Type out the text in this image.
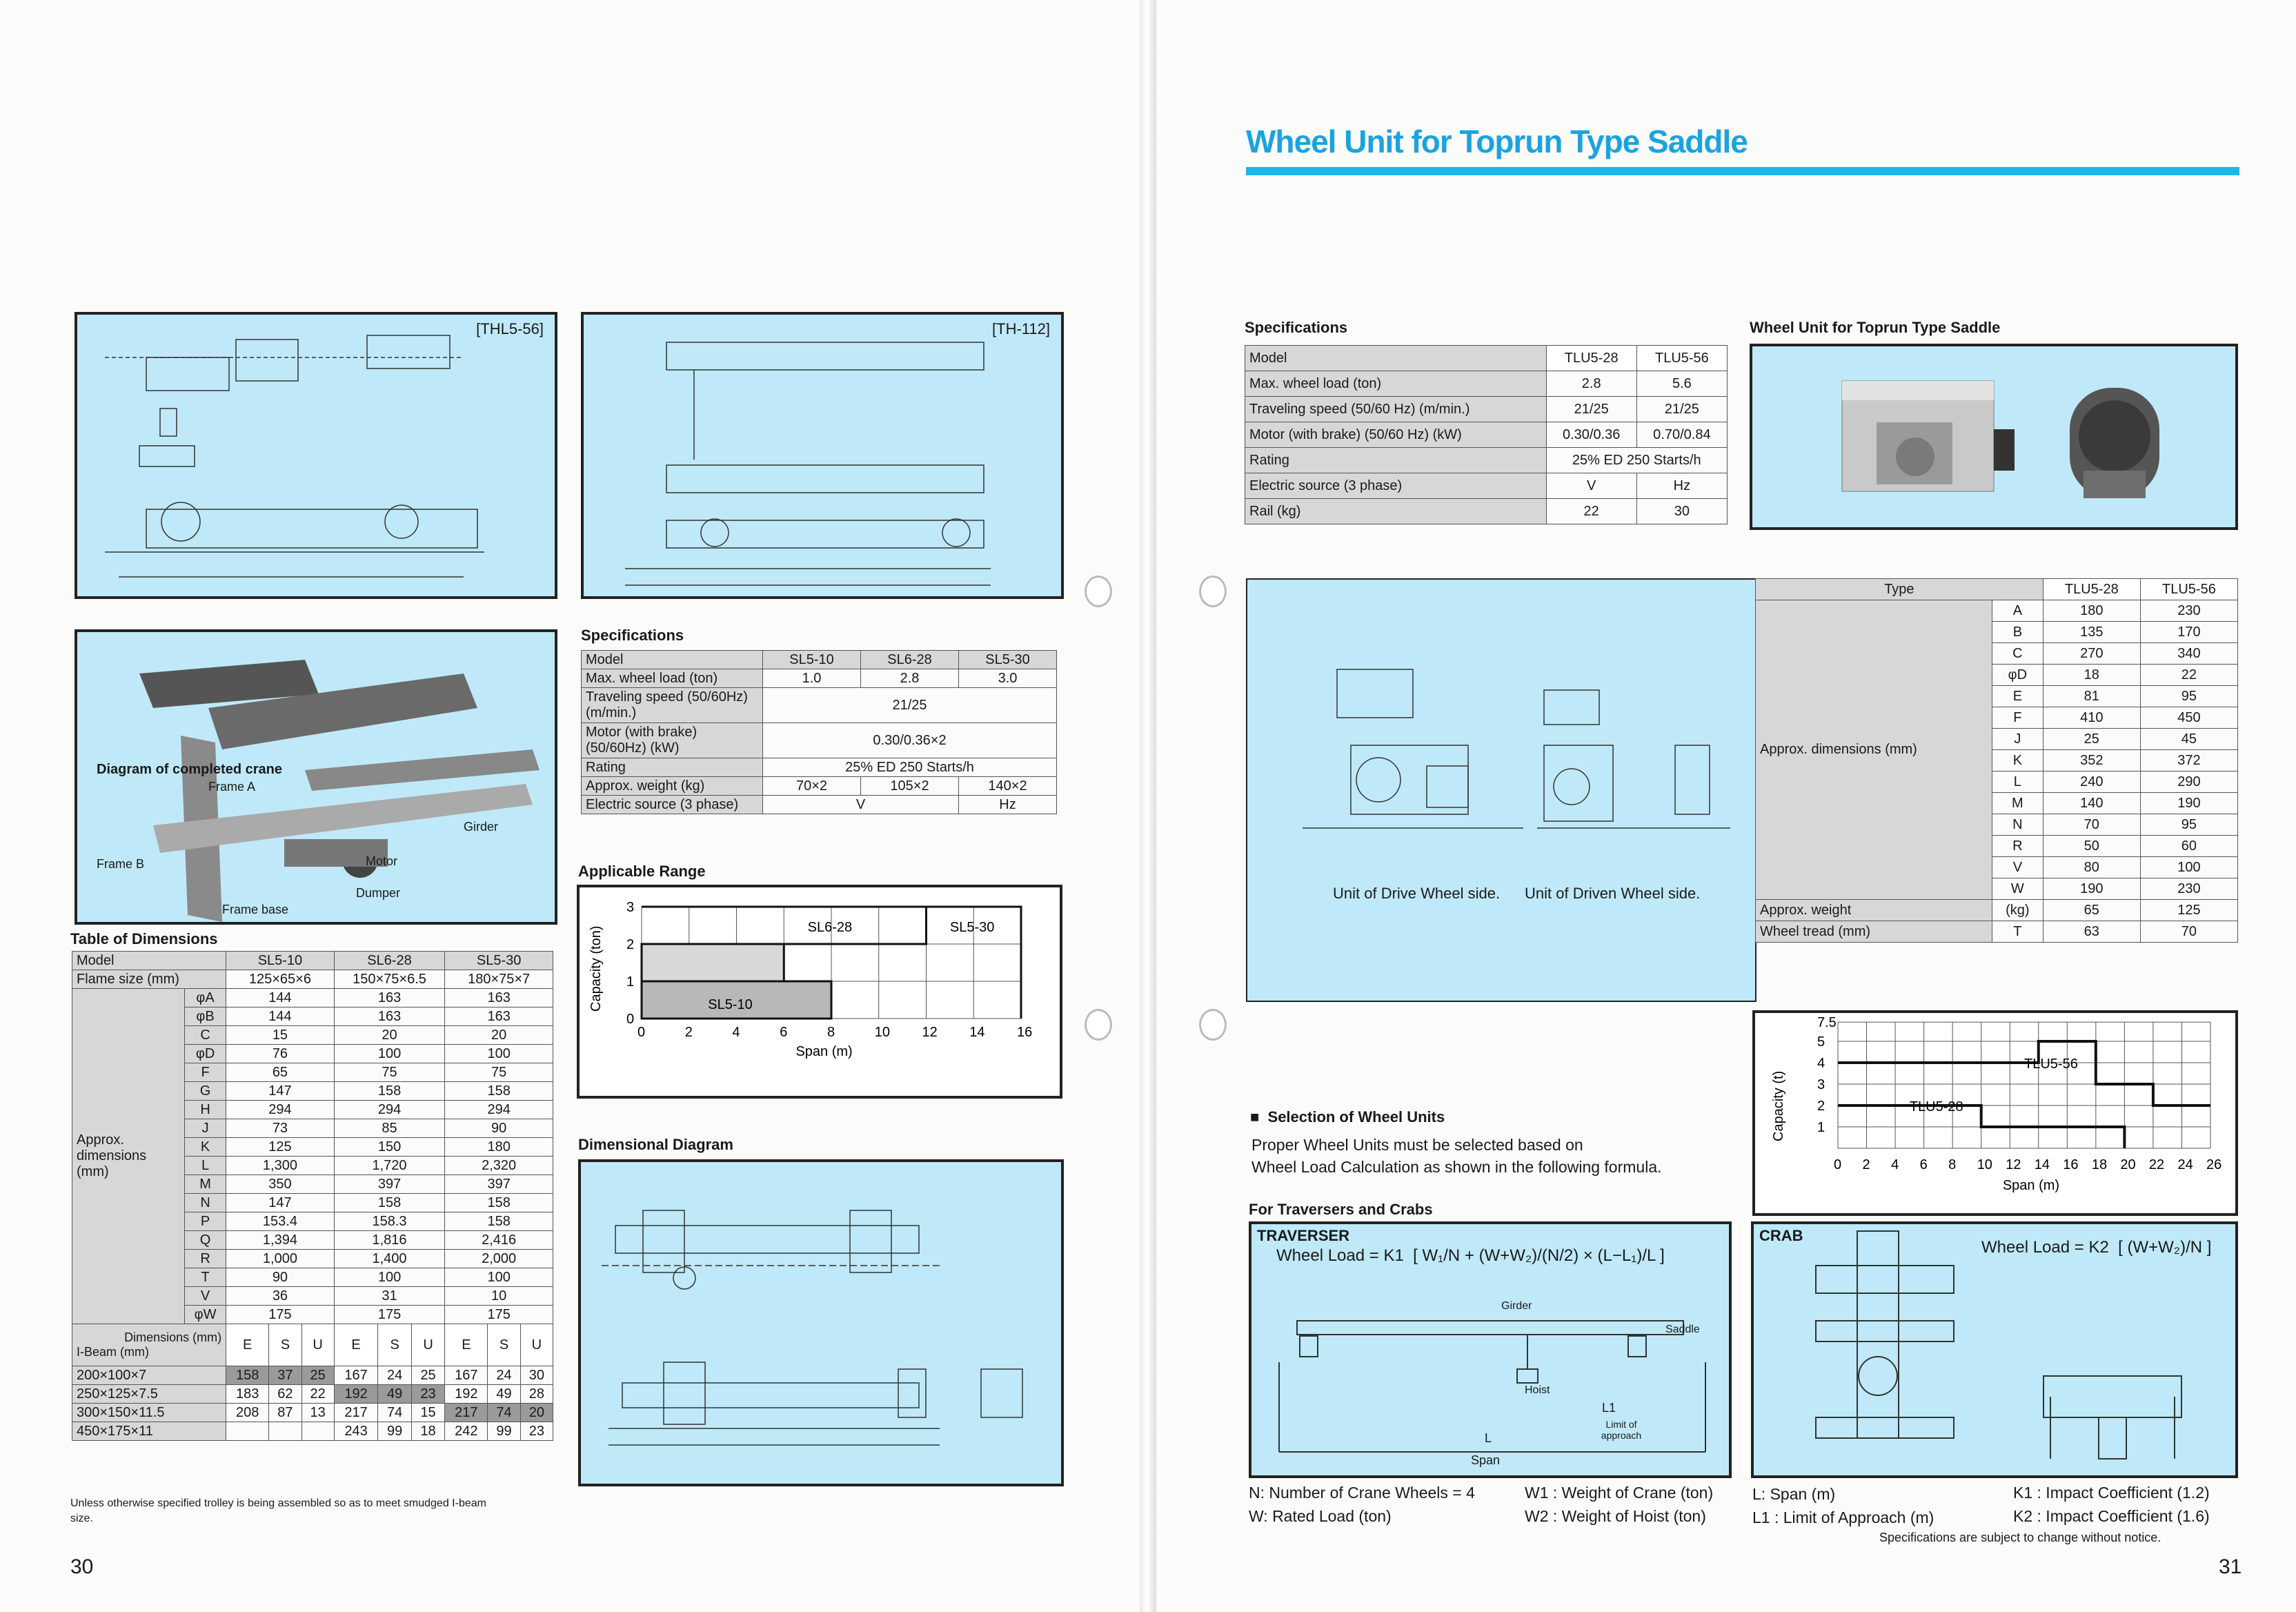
[THL5-56]	[TH-112]
Diagram of completed crane
Frame A
Girder
Frame B	Motor
Dumper
Frame base
Specifications
Model	SL5-10	SL6-28	SL5-30
Max. wheel load (ton)	1.0	2.8	3.0
Traveling speed (50/60Hz) (m/min.)	21/25		
Motor (with brake) (50/60Hz) (kW)	0.30/0.36×2		
Rating	25% ED 250 Starts/h		
Approx. weight (kg)	70×2	105×2	140×2
Electric source (3 phase)	V		Hz
Applicable Range
0	2	4	6	8	10 12 14 16
0
1
2
3
SL5-10
SL6-28	SL5-30
Span (m)
Capacity (ton)
Dimensional Diagram
Table of Dimensions
Model		SL5-10			SL6-28			SL5-30		
Flame size (mm)		125×65×6			150×75×6.5			180×75×7		
Approx. dimensions (mm)	φA	144			163			163		
	φB	144			163			163		
	C	15			20			20		
	φD	76			100			100		
	F	65			75			75		
	G	147			158			158		
	H	294			294			294		
	J	73			85			90		
	K	125			150			180		
	L	1,300			1,720			2,320		
	M	350			397			397		
	N	147			158			158		
	P	153.4			158.3			158		
	Q	1,394			1,816			2,416		
	R	1,000			1,400			2,000		
	T	90			100			100		
	V	36			31			10		
	φW	175			175			175		

Dimensions (mm)
I-Beam (mm)		E	S	U	E	S	U	E	S	U
200×100×7		158	37	25	167	24	25	167	24	30
250×125×7.5		183	62	22	192	49	23	192	49	28
300×150×11.5		208	87	13	217	74	15	217	74	20
450×175×11					243	99	18	242	99	23
Unless otherwise specified trolley is being assembled so as to meet smudged I-beam size.
30
Wheel Unit for Toprun Type Saddle
Specifications
Model	TLU5-28	TLU5-56
Max. wheel load (ton)	2.8	5.6
Traveling speed (50/60 Hz) (m/min.)	21/25	21/25
Motor (with brake) (50/60 Hz) (kW)	0.30/0.36	0.70/0.84
Rating	25% ED 250 Starts/h	
Electric source (3 phase)	V	Hz
Rail (kg)	22	30
Wheel Unit for Toprun Type Saddle
Unit of Drive Wheel side. Unit of Driven Wheel side.
Type		TLU5-28	TLU5-56
Approx. dimensions (mm)	A	180	230
	B	135	170
	C	270	340
	φD	18	22
	E	81	95
	F	410	450
	J	25	45
	K	352	372
	L	240	290
	M	140	190
	N	70	95
	R	50	60
	V	80	100
	W	190	230
Approx. weight	(kg)	65	125
Wheel tread (mm)	T	63	70
0 2 4 6 8 10 12 14 16 18 20 22 24 26
1
2
3
4
5
7.5
TLU5-56
TLU5-28
Span (m)
Capacity (t)
■  Selection of Wheel Units
Proper Wheel Units must be selected based on
Wheel Load Calculation as shown in the following formula.
For Traversers and Crabs
TRAVERSER
Wheel Load = K1  [ W₁/N + (W+W₂)/(N/2) × (L−L₁)/L ]
Girder
Saddle
Hoist
L1
Limit of approach
L
Span
CRAB
Wheel Load = K2  [ (W+W₂)/N ]
N: Number of Crane Wheels = 4
W: Rated Load (ton)
W1 : Weight of Crane (ton)
W2 : Weight of Hoist (ton)
L: Span (m)
L1 : Limit of Approach (m)
K1 : Impact Coefficient (1.2)
K2 : Impact Coefficient (1.6)
Specifications are subject to change without notice.
31
